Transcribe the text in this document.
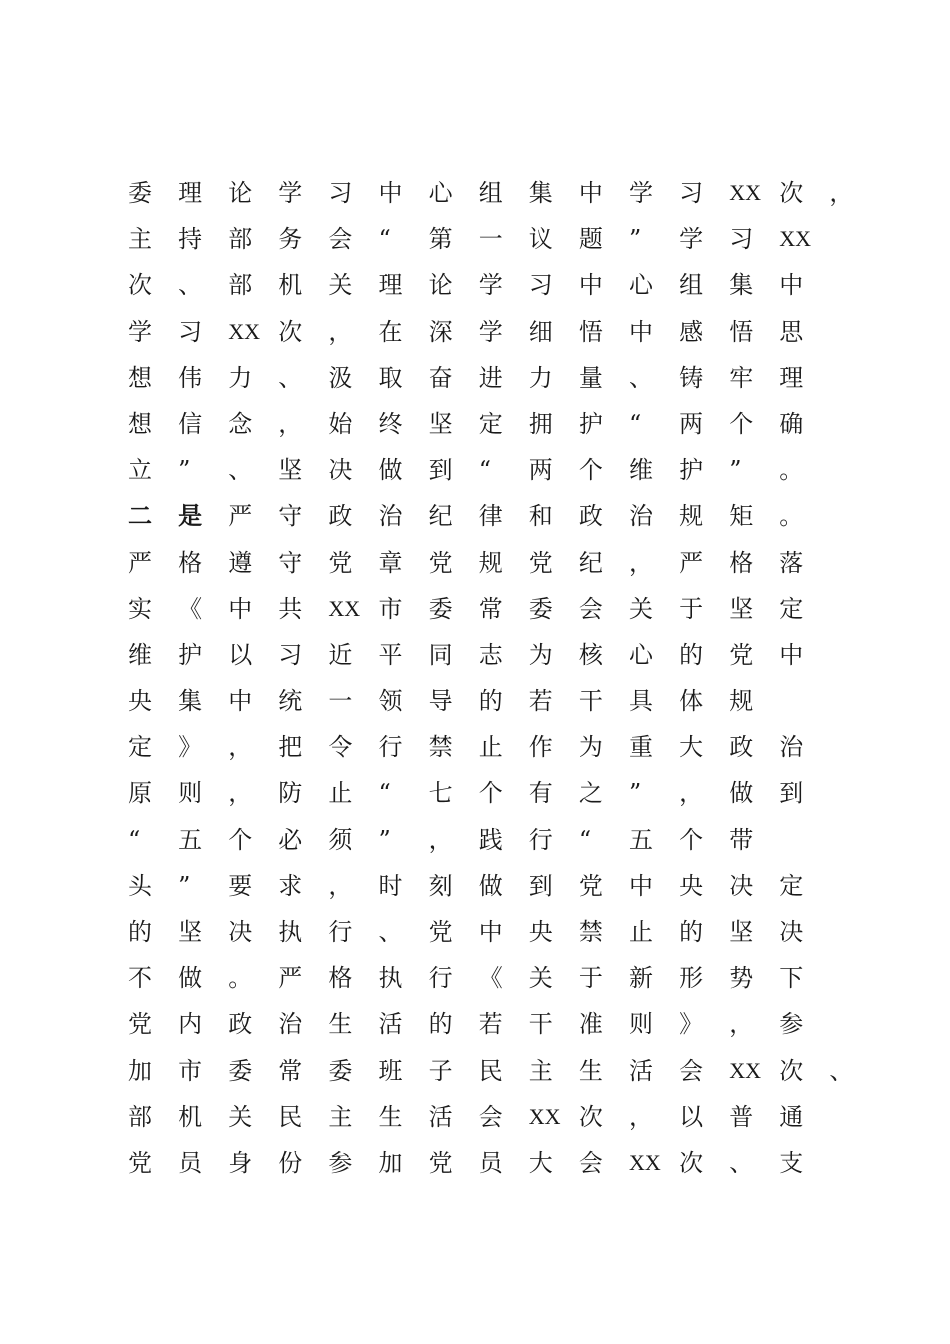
委 理 论 学 习 中 心 组 集 中 学 习 XX 次 ，
主 持 部 务 会 “	第 一 议 题 ”	学 习 XX
次 、 部 机 关 理 论 学 习 中 心 组 集 中
学 习 XX 次 ， 在 深 学 细 悟 中 感 悟 思
想 伟 力 、 汲 取 奋 进 力 量 、 铸 牢 理
想 信 念 ， 始 终 坚 定 拥 护 “	两 个 确
立 ”	、 坚 决 做 到 “	两 个 维 护 ”	。
二 是 严 守 政 治 纪 律 和 政 治 规 矩 。
严 格 遵 守 党 章 党 规 党 纪 ， 严 格 落
实 《 中 共 XX 市 委 常 委 会 关 于 坚 定
维 护 以 习 近 平 同 志 为 核 心 的 党 中
央 集 中 统 一 领 导 的 若 干 具 体 规
定 》 ， 把 令 行 禁 止 作 为 重 大 政 治
原 则 ， 防 止 “	七 个 有 之 ”	， 做 到
“	五 个 必 须 ”	， 践 行 “	五 个 带
头 ”	要 求 ， 时 刻 做 到 党 中 央 决 定
的 坚 决 执 行 、 党 中 央 禁 止 的 坚 决
不 做 。 严 格 执 行 《 关 于 新 形 势 下
党 内 政 治 生 活 的 若 干 准 则 》 ， 参
加 市 委 常 委 班 子 民 主 生 活 会 XX 次 、
部 机 关 民 主 生 活 会 XX 次 ， 以 普 通
党 员 身 份 参 加 党 员 大 会 XX 次 、 支
